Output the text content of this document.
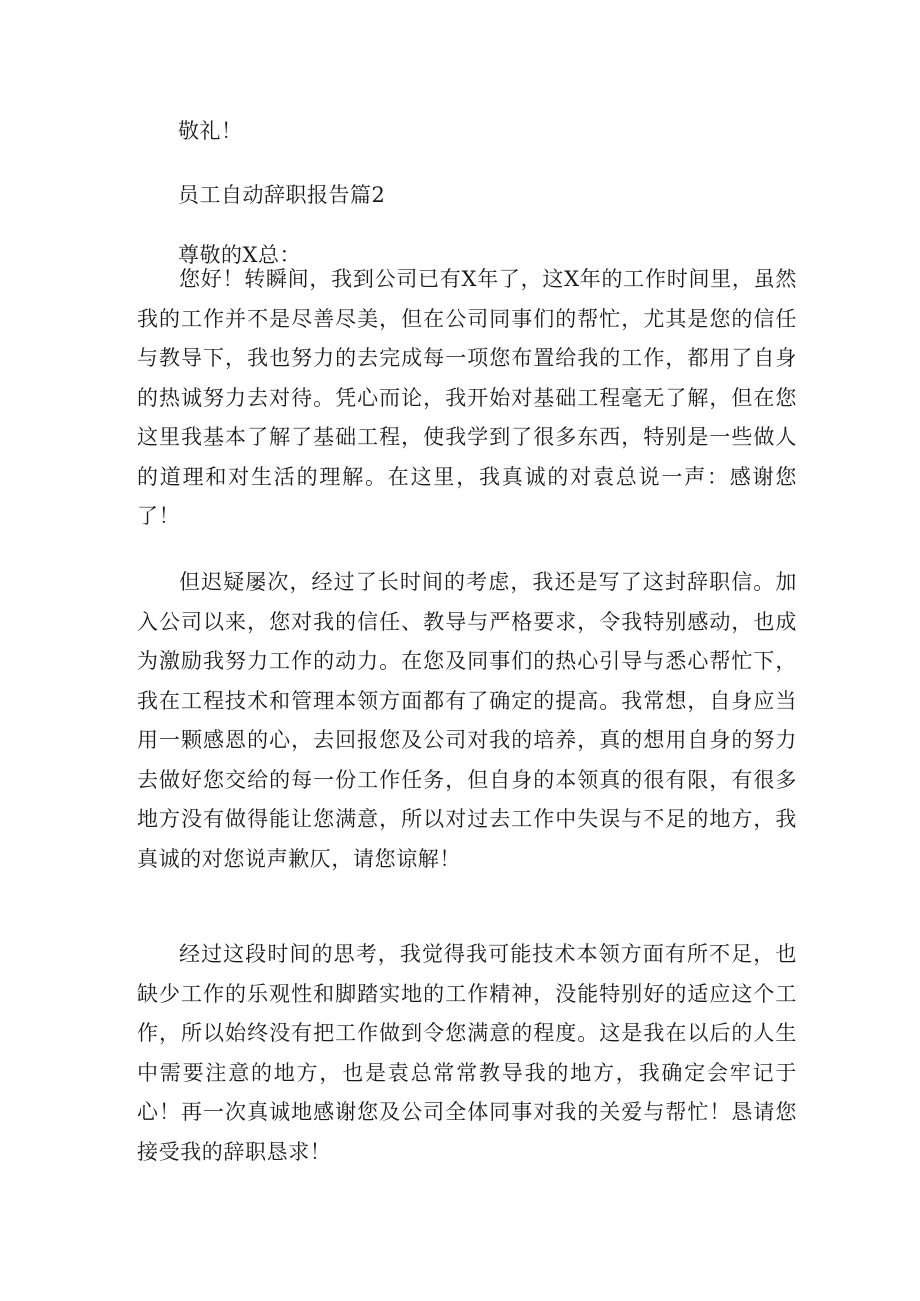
敬礼！
员工自动辞职报告篇2
尊敬的X总：

您好！转瞬间，我到公司已有X年了，这X年的工作时间里，虽然我的工作并不是尽善尽美，但在公司同事们的帮忙，尤其是您的信任与教导下，我也努力的去完成每一项您布置给我的工作，都用了自身的热诚努力去对待。凭心而论，我开始对基础工程毫无了解，但在您这里我基本了解了基础工程，使我学到了很多东西，特别是一些做人的道理和对生活的理解。在这里，我真诚的对袁总说一声：感谢您了！

但迟疑屡次，经过了长时间的考虑，我还是写了这封辞职信。加入公司以来，您对我的信任、教导与严格要求，令我特别感动，也成为激励我努力工作的动力。在您及同事们的热心引导与悉心帮忙下，我在工程技术和管理本领方面都有了确定的提高。我常想，自身应当用一颗感恩的心，去回报您及公司对我的培养，真的想用自身的努力去做好您交给的每一份工作任务，但自身的本领真的很有限，有很多地方没有做得能让您满意，所以对过去工作中失误与不足的地方，我真诚的对您说声歉仄，请您谅解！

经过这段时间的思考，我觉得我可能技术本领方面有所不足，也缺少工作的乐观性和脚踏实地的工作精神，没能特别好的适应这个工作，所以始终没有把工作做到令您满意的程度。这是我在以后的人生中需要注意的地方，也是袁总常常教导我的地方，我确定会牢记于心！再一次真诚地感谢您及公司全体同事对我的关爱与帮忙！恳请您接受我的辞职恳求！
